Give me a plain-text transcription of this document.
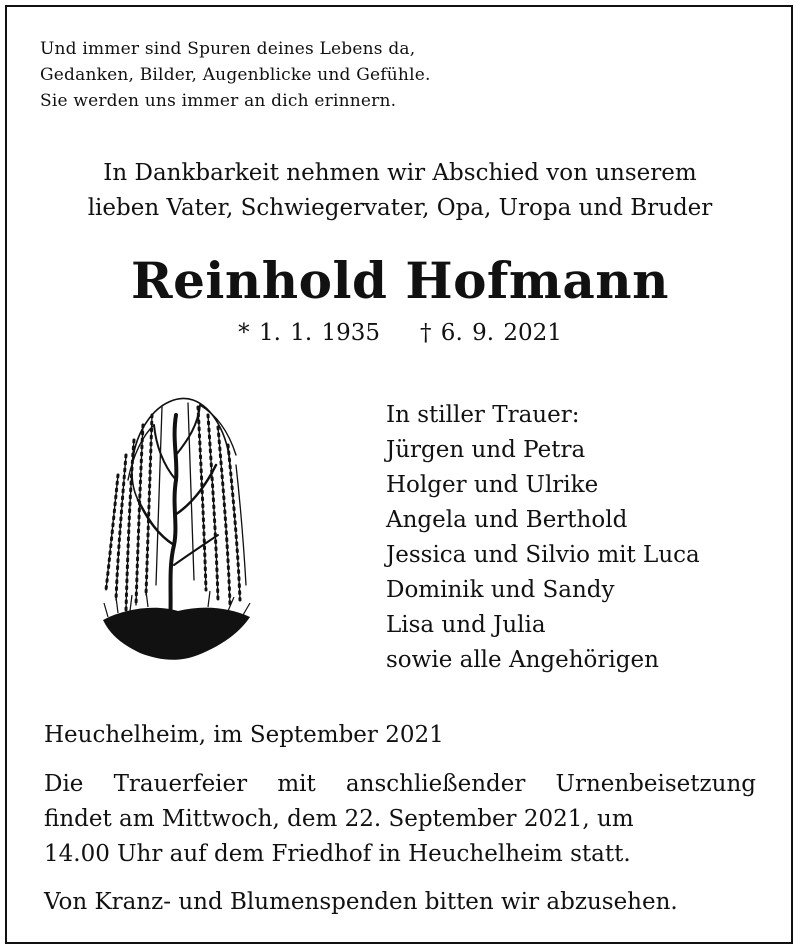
Und immer sind Spuren deines Lebens da,
Gedanken, Bilder, Augenblicke und Gefühle.
Sie werden uns immer an dich erinnern.
In Dankbarkeit nehmen wir Abschied von unserem
lieben Vater, Schwiegervater, Opa, Uropa und Bruder
Reinhold Hofmann
* 1. 1. 1935 † 6. 9. 2021
In stiller Trauer:
Jürgen und Petra
Holger und Ulrike
Angela und Berthold
Jessica und Silvio mit Luca
Dominik und Sandy
Lisa und Julia
sowie alle Angehörigen
Heuchelheim, im September 2021
Die Trauerfeier mit anschließender Urnenbeisetzung
findet am Mittwoch, dem 22. September 2021, um
14.00 Uhr auf dem Friedhof in Heuchelheim statt.
Von Kranz- und Blumenspenden bitten wir abzusehen.
